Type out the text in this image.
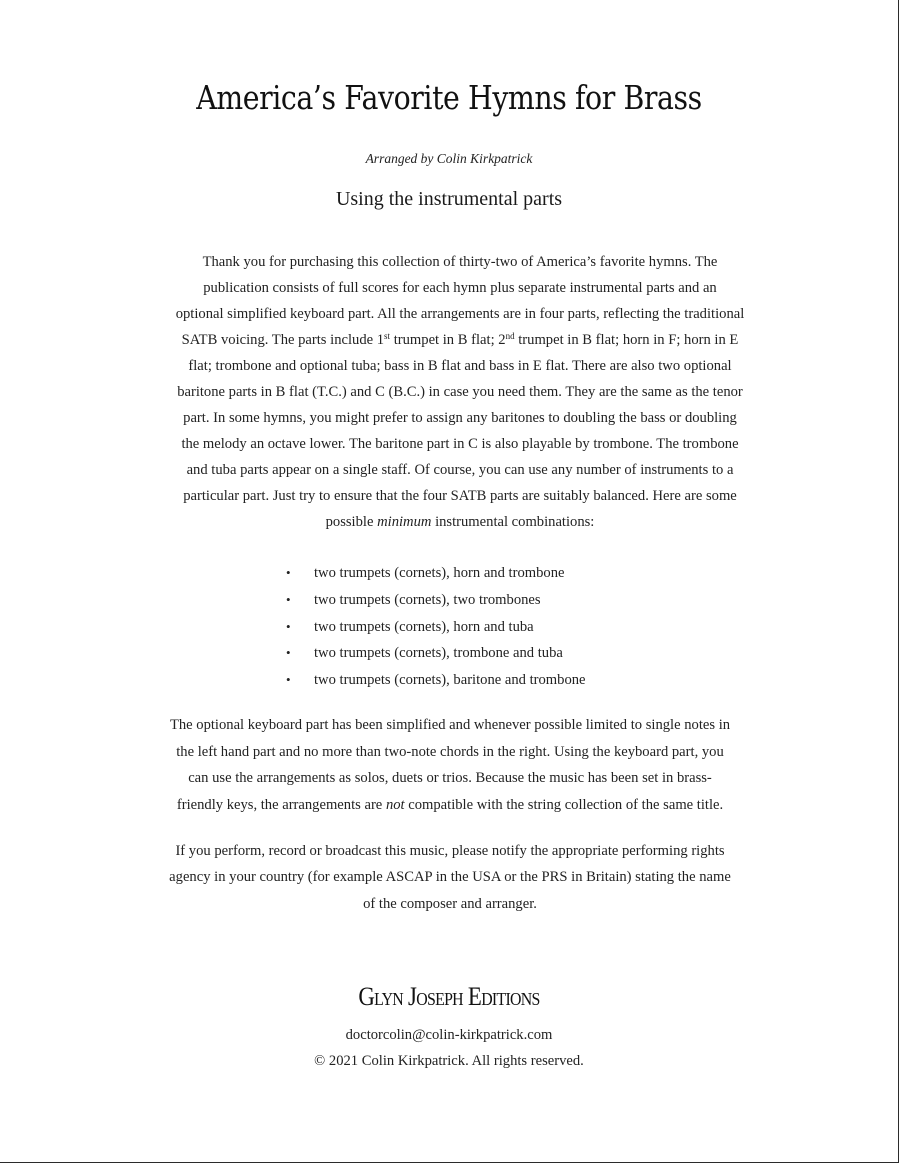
America’s Favorite Hymns for Brass
Arranged by Colin Kirkpatrick
Using the instrumental parts

Thank you for purchasing this collection of thirty-two of America’s favorite hymns. The

publication consists of full scores for each hymn plus separate instrumental parts and an

optional simplified keyboard part. All the arrangements are in four parts, reflecting the traditional

SATB voicing. The parts include 1st trumpet in B flat; 2nd trumpet in B flat; horn in F; horn in E

flat; trombone and optional tuba; bass in B flat and bass in E flat. There are also two optional

baritone parts in B flat (T.C.) and C (B.C.) in case you need them. They are the same as the tenor

part. In some hymns, you might prefer to assign any baritones to doubling the bass or doubling

the melody an octave lower. The baritone part in C is also playable by trombone. The trombone

and tuba parts appear on a single staff. Of course, you can use any number of instruments to a

particular part. Just try to ensure that the four SATB parts are suitably balanced. Here are some

possible minimum instrumental combinations:

• two trumpets (cornets), horn and trombone
• two trumpets (cornets), two trombones
• two trumpets (cornets), horn and tuba
• two trumpets (cornets), trombone and tuba
• two trumpets (cornets), baritone and trombone

The optional keyboard part has been simplified and whenever possible limited to single notes in

the left hand part and no more than two-note chords in the right. Using the keyboard part, you

can use the arrangements as solos, duets or trios. Because the music has been set in brass-

friendly keys, the arrangements are not compatible with the string collection of the same title.

If you perform, record or broadcast this music, please notify the appropriate performing rights

agency in your country (for example ASCAP in the USA or the PRS in Britain) stating the name

of the composer and arranger.

Glyn Joseph Editions
doctorcolin@colin-kirkpatrick.com
© 2021 Colin Kirkpatrick. All rights reserved.
